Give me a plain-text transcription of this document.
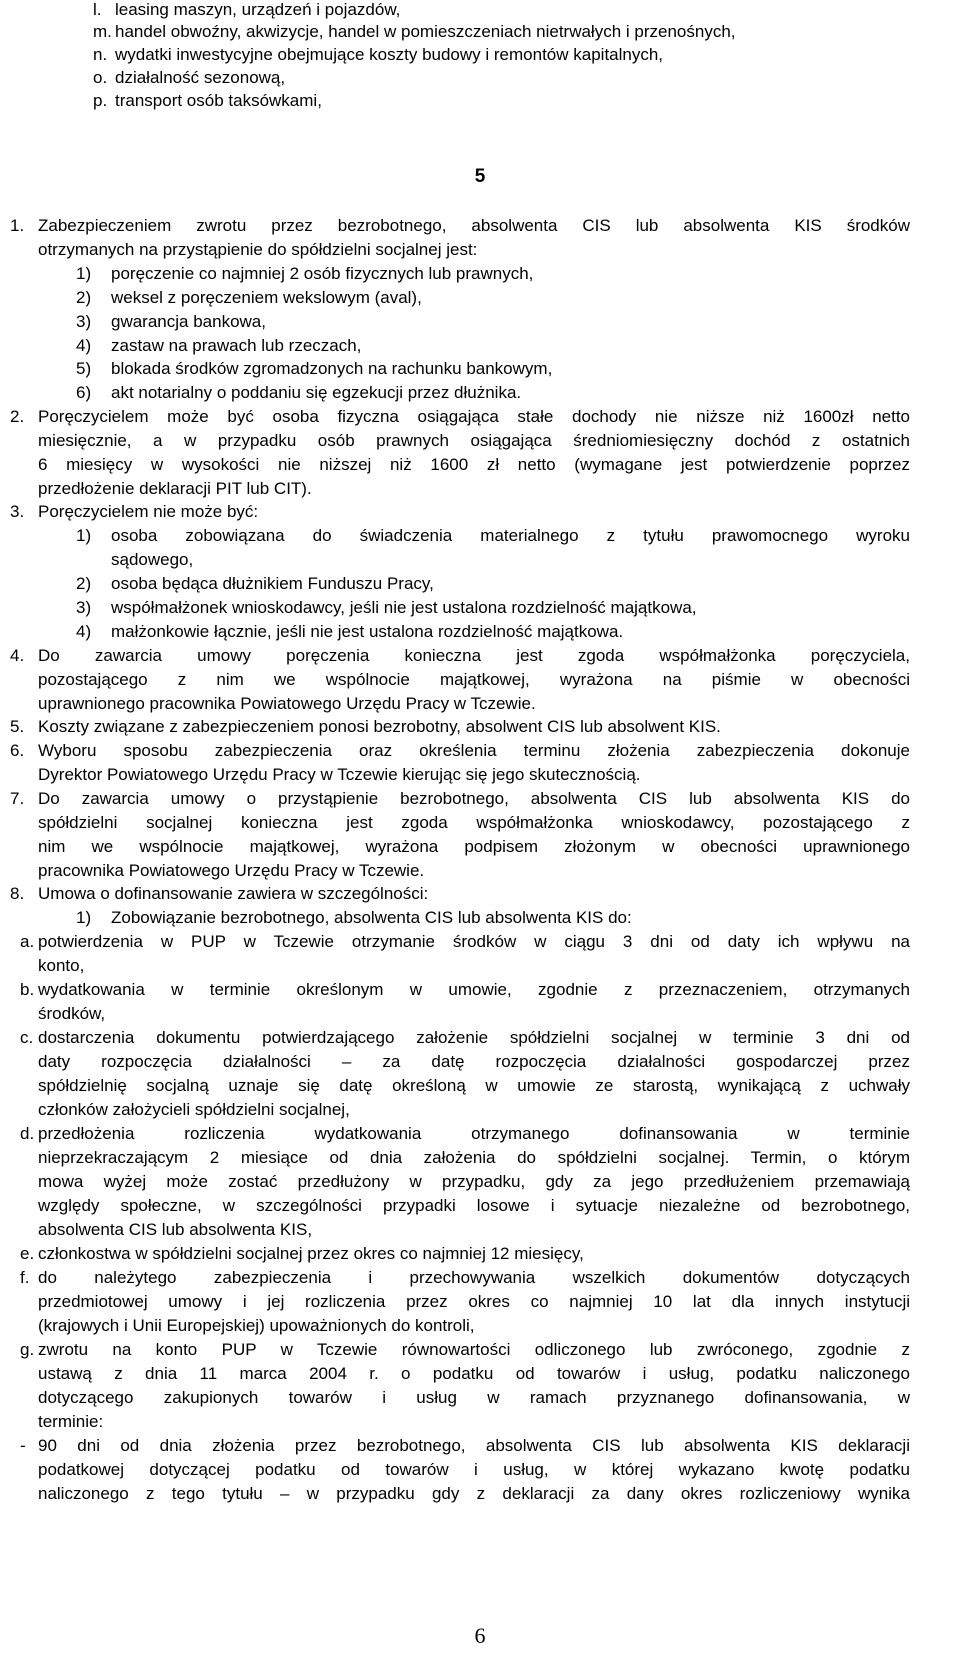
l. leasing maszyn, urządzeń i pojazdów,
m. handel obwoźny, akwizycje, handel w pomieszczeniach nietrwałych i przenośnych,
n. wydatki inwestycyjne obejmujące koszty budowy i remontów kapitalnych,
o. działalność sezonową,
p. transport osób taksówkami,
5
1. Zabezpieczeniem zwrotu przez bezrobotnego, absolwenta CIS lub absolwenta KIS środków
otrzymanych na przystąpienie do spółdzielni socjalnej jest:
1) poręczenie co najmniej 2 osób fizycznych lub prawnych,
2) weksel z poręczeniem wekslowym (aval),
3) gwarancja bankowa,
4) zastaw na prawach lub rzeczach,
5) blokada środków zgromadzonych na rachunku bankowym,
6) akt notarialny o poddaniu się egzekucji przez dłużnika.
2. Poręczycielem może być osoba fizyczna osiągająca stałe dochody nie niższe niż 1600zł netto
miesięcznie, a w przypadku osób prawnych osiągająca średniomiesięczny dochód z ostatnich
6 miesięcy w wysokości nie niższej niż 1600 zł netto (wymagane jest potwierdzenie poprzez
przedłożenie deklaracji PIT lub CIT).
3. Poręczycielem nie może być:
1) osoba zobowiązana do świadczenia materialnego z tytułu prawomocnego wyroku
sądowego,
2) osoba będąca dłużnikiem Funduszu Pracy,
3) współmałżonek wnioskodawcy, jeśli nie jest ustalona rozdzielność majątkowa,
4) małżonkowie łącznie, jeśli nie jest ustalona rozdzielność majątkowa.
4. Do zawarcia umowy poręczenia konieczna jest zgoda współmałżonka poręczyciela,
pozostającego z nim we wspólnocie majątkowej, wyrażona na piśmie w obecności
uprawnionego pracownika Powiatowego Urzędu Pracy w Tczewie.
5. Koszty związane z zabezpieczeniem ponosi bezrobotny, absolwent CIS lub absolwent KIS.
6. Wyboru sposobu zabezpieczenia oraz określenia terminu złożenia zabezpieczenia dokonuje
Dyrektor Powiatowego Urzędu Pracy w Tczewie kierując się jego skutecznością.
7. Do zawarcia umowy o przystąpienie bezrobotnego, absolwenta CIS lub absolwenta KIS do
spółdzielni socjalnej konieczna jest zgoda współmałżonka wnioskodawcy, pozostającego z
nim we wspólnocie majątkowej, wyrażona podpisem złożonym w obecności uprawnionego
pracownika Powiatowego Urzędu Pracy w Tczewie.
8. Umowa o dofinansowanie zawiera w szczególności:
1) Zobowiązanie bezrobotnego, absolwenta CIS lub absolwenta KIS do:
a. potwierdzenia w PUP w Tczewie otrzymanie środków w ciągu 3 dni od daty ich wpływu na
konto,
b. wydatkowania w terminie określonym w umowie, zgodnie z przeznaczeniem, otrzymanych
środków,
c. dostarczenia dokumentu potwierdzającego założenie spółdzielni socjalnej w terminie 3 dni od
daty rozpoczęcia działalności – za datę rozpoczęcia działalności gospodarczej przez
spółdzielnię socjalną uznaje się datę określoną w umowie ze starostą, wynikającą z uchwały
członków założycieli spółdzielni socjalnej,
d. przedłożenia rozliczenia wydatkowania otrzymanego dofinansowania w terminie
nieprzekraczającym 2 miesiące od dnia założenia do spółdzielni socjalnej. Termin, o którym
mowa wyżej może zostać przedłużony w przypadku, gdy za jego przedłużeniem przemawiają
względy społeczne, w szczególności przypadki losowe i sytuacje niezależne od bezrobotnego,
absolwenta CIS lub absolwenta KIS,
e. członkostwa w spółdzielni socjalnej przez okres co najmniej 12 miesięcy,
f. do należytego zabezpieczenia i przechowywania wszelkich dokumentów dotyczących
przedmiotowej umowy i jej rozliczenia przez okres co najmniej 10 lat dla innych instytucji
(krajowych i Unii Europejskiej) upoważnionych do kontroli,
g. zwrotu na konto PUP w Tczewie równowartości odliczonego lub zwróconego, zgodnie z
ustawą z dnia 11 marca 2004 r. o podatku od towarów i usług, podatku naliczonego
dotyczącego zakupionych towarów i usług w ramach przyznanego dofinansowania, w
terminie:
- 90 dni od dnia złożenia przez bezrobotnego, absolwenta CIS lub absolwenta KIS deklaracji
podatkowej dotyczącej podatku od towarów i usług, w której wykazano kwotę podatku
naliczonego z tego tytułu – w przypadku gdy z deklaracji za dany okres rozliczeniowy wynika
6
